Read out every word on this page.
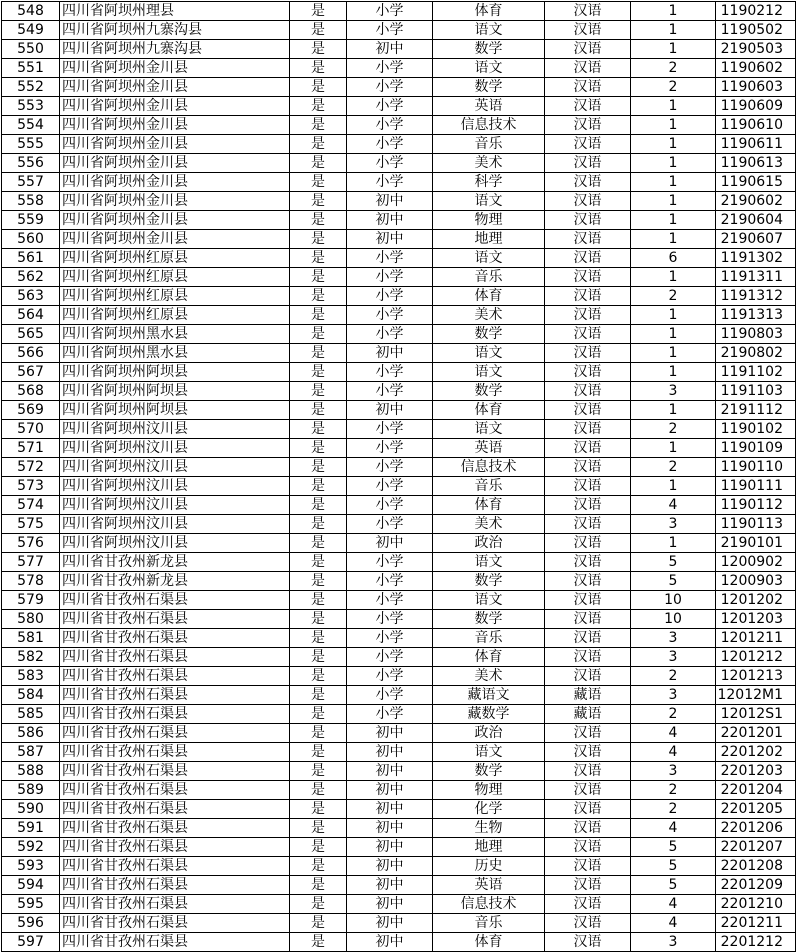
548	四川省阿坝州理县	是	小学	体育	汉语	1	1190212
549	四川省阿坝州九寨沟县	是	小学	语文	汉语	1	1190502
550	四川省阿坝州九寨沟县	是	初中	数学	汉语	1	2190503
551	四川省阿坝州金川县	是	小学	语文	汉语	2	1190602
552	四川省阿坝州金川县	是	小学	数学	汉语	2	1190603
553	四川省阿坝州金川县	是	小学	英语	汉语	1	1190609
554	四川省阿坝州金川县	是	小学	信息技术	汉语	1	1190610
555	四川省阿坝州金川县	是	小学	音乐	汉语	1	1190611
556	四川省阿坝州金川县	是	小学	美术	汉语	1	1190613
557	四川省阿坝州金川县	是	小学	科学	汉语	1	1190615
558	四川省阿坝州金川县	是	初中	语文	汉语	1	2190602
559	四川省阿坝州金川县	是	初中	物理	汉语	1	2190604
560	四川省阿坝州金川县	是	初中	地理	汉语	1	2190607
561	四川省阿坝州红原县	是	小学	语文	汉语	6	1191302
562	四川省阿坝州红原县	是	小学	音乐	汉语	1	1191311
563	四川省阿坝州红原县	是	小学	体育	汉语	2	1191312
564	四川省阿坝州红原县	是	小学	美术	汉语	1	1191313
565	四川省阿坝州黑水县	是	小学	数学	汉语	1	1190803
566	四川省阿坝州黑水县	是	初中	语文	汉语	1	2190802
567	四川省阿坝州阿坝县	是	小学	语文	汉语	1	1191102
568	四川省阿坝州阿坝县	是	小学	数学	汉语	3	1191103
569	四川省阿坝州阿坝县	是	初中	体育	汉语	1	2191112
570	四川省阿坝州汶川县	是	小学	语文	汉语	2	1190102
571	四川省阿坝州汶川县	是	小学	英语	汉语	1	1190109
572	四川省阿坝州汶川县	是	小学	信息技术	汉语	2	1190110
573	四川省阿坝州汶川县	是	小学	音乐	汉语	1	1190111
574	四川省阿坝州汶川县	是	小学	体育	汉语	4	1190112
575	四川省阿坝州汶川县	是	小学	美术	汉语	3	1190113
576	四川省阿坝州汶川县	是	初中	政治	汉语	1	2190101
577	四川省甘孜州新龙县	是	小学	语文	汉语	5	1200902
578	四川省甘孜州新龙县	是	小学	数学	汉语	5	1200903
579	四川省甘孜州石渠县	是	小学	语文	汉语	10	1201202
580	四川省甘孜州石渠县	是	小学	数学	汉语	10	1201203
581	四川省甘孜州石渠县	是	小学	音乐	汉语	3	1201211
582	四川省甘孜州石渠县	是	小学	体育	汉语	3	1201212
583	四川省甘孜州石渠县	是	小学	美术	汉语	2	1201213
584	四川省甘孜州石渠县	是	小学	藏语文	藏语	3	12012M1
585	四川省甘孜州石渠县	是	小学	藏数学	藏语	2	12012S1
586	四川省甘孜州石渠县	是	初中	政治	汉语	4	2201201
587	四川省甘孜州石渠县	是	初中	语文	汉语	4	2201202
588	四川省甘孜州石渠县	是	初中	数学	汉语	3	2201203
589	四川省甘孜州石渠县	是	初中	物理	汉语	2	2201204
590	四川省甘孜州石渠县	是	初中	化学	汉语	2	2201205
591	四川省甘孜州石渠县	是	初中	生物	汉语	4	2201206
592	四川省甘孜州石渠县	是	初中	地理	汉语	5	2201207
593	四川省甘孜州石渠县	是	初中	历史	汉语	5	2201208
594	四川省甘孜州石渠县	是	初中	英语	汉语	5	2201209
595	四川省甘孜州石渠县	是	初中	信息技术	汉语	4	2201210
596	四川省甘孜州石渠县	是	初中	音乐	汉语	4	2201211
597	四川省甘孜州石渠县	是	初中	体育	汉语	3	2201212
